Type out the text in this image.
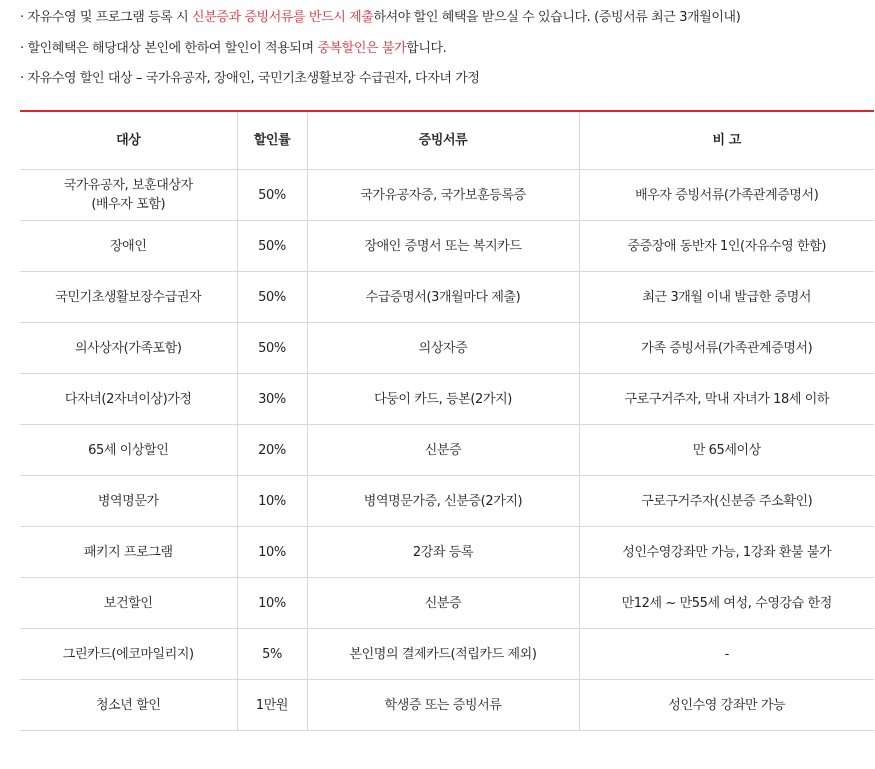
· 자유수영 및 프로그램 등록 시 신분증과 증빙서류를 반드시 제출하셔야 할인 혜택을 받으실 수 있습니다. (증빙서류 최근 3개월이내)
· 할인혜택은 해당대상 본인에 한하여 할인이 적용되며 중복할인은 불가합니다.
· 자유수영 할인 대상 – 국가유공자, 장애인, 국민기초생활보장 수급권자, 다자녀 가정
대상	할인률	증빙서류	비 고
국가유공자, 보훈대상자
(배우자 포함)	50%	국가유공자증, 국가보훈등록증	배우자 증빙서류(가족관계증명서)
장애인	50%	장애인 증명서 또는 복지카드	중증장애 동반자 1인(자유수영 한함)
국민기초생활보장수급권자	50%	수급증명서(3개월마다 제출)	최근 3개월 이내 발급한 증명서
의사상자(가족포함)	50%	의상자증	가족 증빙서류(가족관계증명서)
다자녀(2자녀이상)가정	30%	다둥이 카드, 등본(2가지)	구로구거주자, 막내 자녀가 18세 이하
65세 이상할인	20%	신분증	만 65세이상
병역명문가	10%	병역명문가증, 신분증(2가지)	구로구거주자(신분증 주소확인)
패키지 프로그램	10%	2강좌 등록	성인수영강좌만 가능, 1강좌 환불 불가
보건할인	10%	신분증	만12세 ~ 만55세 여성, 수영강습 한정
그린카드(에코마일리지)	5%	본인명의 결제카드(적립카드 제외)	-
청소년 할인	1만원	학생증 또는 증빙서류	성인수영 강좌만 가능
